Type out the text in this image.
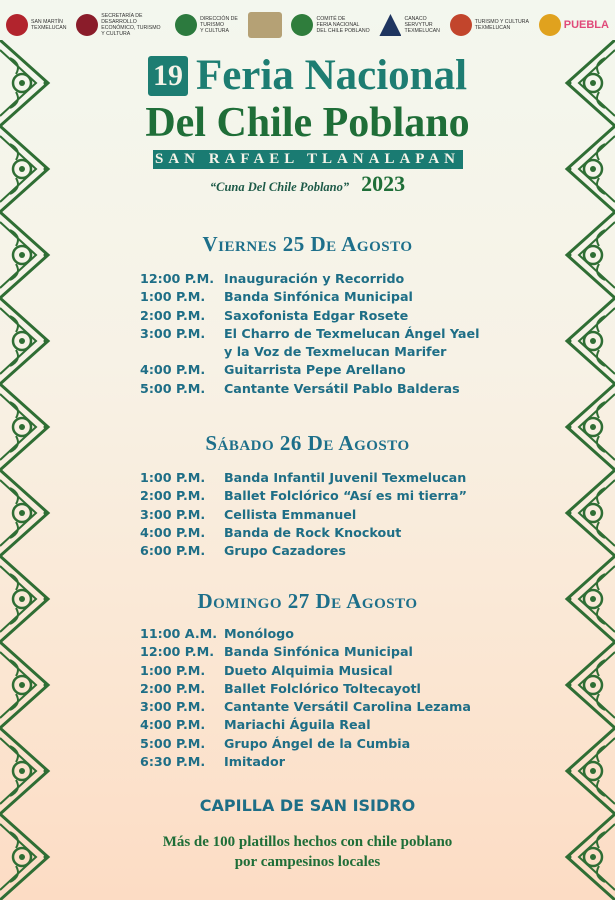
SAN MARTÍN
TEXMELUCAN
SECRETARÍA DE DESARROLLO
ECONÓMICO, TURISMO
Y CULTURA
DIRECCIÓN DE
TURISMO
Y CULTURA
COMITÉ DE
FERIA NACIONAL
DEL CHILE POBLANO
CANACO
SERVYTUR
TEXMELUCAN
TURISMO Y CULTURA
TEXMELUCAN	PUEBLA
19 Feria Nacional
Del Chile Poblano
SAN RAFAEL TLANALAPAN
“Cuna Del Chile Poblano” 2023
Viernes 25 De Agosto
12:00 P.M. Inauguración y Recorrido
1:00 P.M.	Banda Sinfónica Municipal
2:00 P.M.	Saxofonista Edgar Rosete
3:00 P.M.	El Charro de Texmelucan Ángel Yael
y la Voz de Texmelucan Marifer
4:00 P.M.	Guitarrista Pepe Arellano
5:00 P.M.	Cantante Versátil Pablo Balderas
Sábado 26 De Agosto
1:00 P.M.	Banda Infantil Juvenil Texmelucan
2:00 P.M.	Ballet Folclórico “Así es mi tierra”
3:00 P.M.	Cellista Emmanuel
4:00 P.M.	Banda de Rock Knockout
6:00 P.M.	Grupo Cazadores
Domingo 27 De Agosto
11:00 A.M. Monólogo
12:00 P.M. Banda Sinfónica Municipal
1:00 P.M.	Dueto Alquimia Musical
2:00 P.M.	Ballet Folclórico Toltecayotl
3:00 P.M.	Cantante Versátil Carolina Lezama
4:00 P.M.	Mariachi Águila Real
5:00 P.M.	Grupo Ángel de la Cumbia
6:30 P.M.	Imitador
CAPILLA DE SAN ISIDRO
Más de 100 platillos hechos con chile poblano
por campesinos locales
